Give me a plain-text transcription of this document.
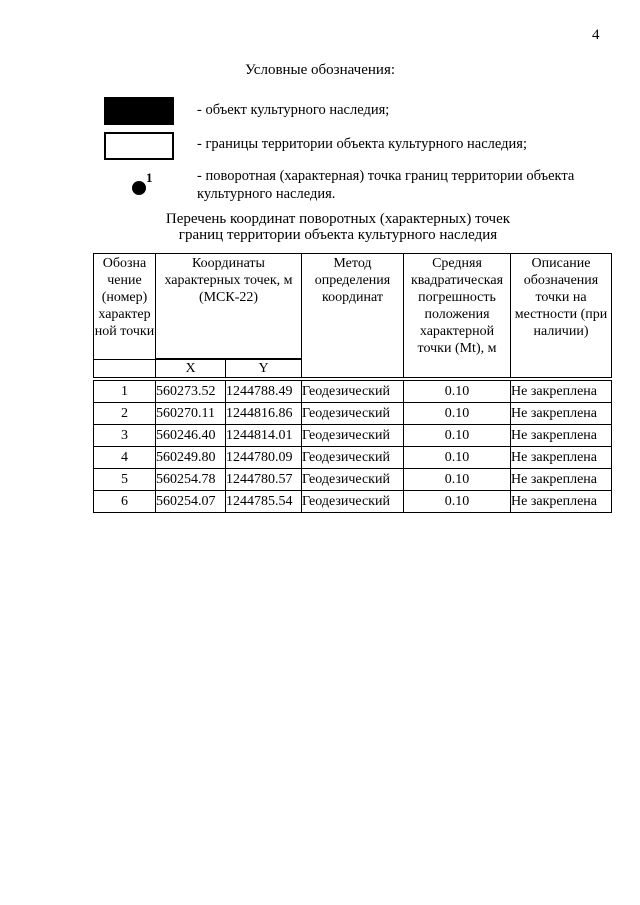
4
Условные обозначения:
- объект культурного наследия;
- границы территории объекта культурного наследия;
1	- поворотная (характерная) точка границ территории объекта культурного наследия.
Перечень координат поворотных (характерных) точек
границ территории объекта культурного наследия
Обозна чение (номер) характер ной точки	Координаты характерных точек, м (МСК-22)		Метод определения координат	Средняя квадратическая погрешность положения характерной точки (Mt), м	Описание обозначения точки на местности (при наличии)

	X	Y			

1	560273.52	1244788.49	Геодезический	0.10	Не закреплена
2	560270.11	1244816.86	Геодезический	0.10	Не закреплена
3	560246.40	1244814.01	Геодезический	0.10	Не закреплена
4	560249.80	1244780.09	Геодезический	0.10	Не закреплена
5	560254.78	1244780.57	Геодезический	0.10	Не закреплена
6	560254.07	1244785.54	Геодезический	0.10	Не закреплена
